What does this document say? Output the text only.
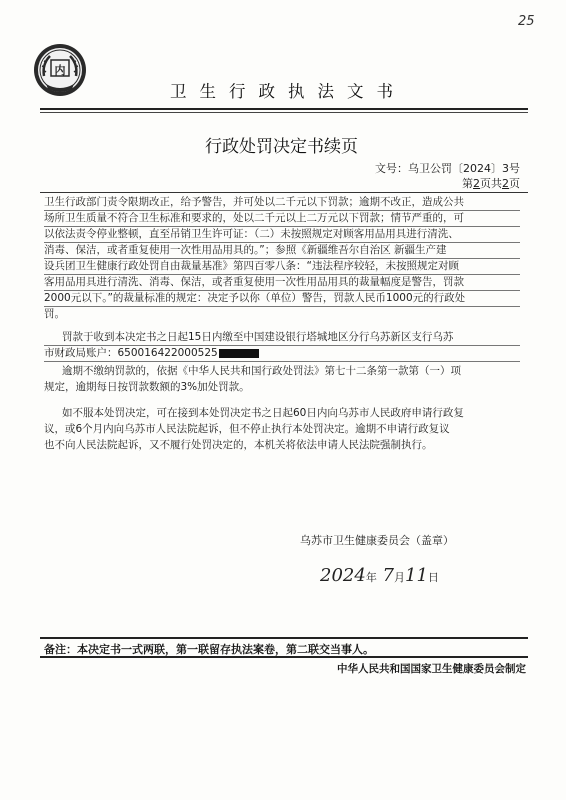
25
内
卫生行政执法文书
行政处罚决定书续页
文号：乌卫公罚〔2024〕3号
第2页共2页
卫生行政部门责令限期改正，给予警告，并可处以二千元以下罚款；逾期不改正，造成公共
场所卫生质量不符合卫生标准和要求的，处以二千元以上二万元以下罚款；情节严重的，可
以依法责令停业整顿，直至吊销卫生许可证：（二）未按照规定对顾客用品用具进行清洗、
消毒、保洁，或者重复使用一次性用品用具的。”；参照《新疆维吾尔自治区 新疆生产建
设兵团卫生健康行政处罚自由裁量基准》第四百零八条：“违法程序较轻，未按照规定对顾
客用品用具进行清洗、消毒、保洁，或者重复使用一次性用品用具的裁量幅度是警告，罚款
2000元以下。”的裁量标准的规定：决定予以你（单位）警告，罚款人民币1000元的行政处
罚。
罚款于收到本决定书之日起15日内缴至中国建设银行塔城地区分行乌苏新区支行乌苏
市财政局账户：650016422000525
逾期不缴纳罚款的，依据《中华人民共和国行政处罚法》第七十二条第一款第（一）项
规定，逾期每日按罚款数额的3%加处罚款。
如不服本处罚决定，可在接到本处罚决定书之日起60日内向乌苏市人民政府申请行政复
议，或6个月内向乌苏市人民法院起诉，但不停止执行本处罚决定。逾期不申请行政复议
也不向人民法院起诉，又不履行处罚决定的，本机关将依法申请人民法院强制执行。
乌苏市卫生健康委员会（盖章）
2024年 7月11日
备注：本决定书一式两联，第一联留存执法案卷，第二联交当事人。
中华人民共和国国家卫生健康委员会制定
